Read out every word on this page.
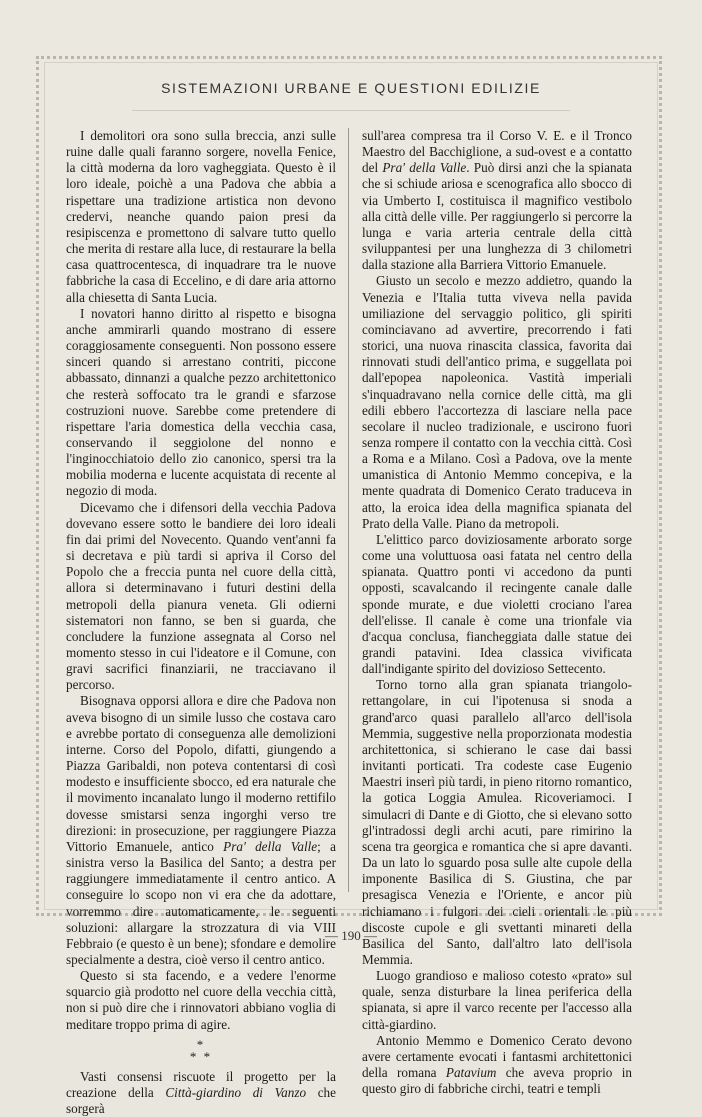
SISTEMAZIONI URBANE E QUESTIONI EDILIZIE

I demolitori ora sono sulla breccia, anzi sulle ruine dalle quali faranno sorgere, novella Fenice, la città moderna da loro vagheggiata. Questo è il loro ideale, poichè a una Padova che abbia a rispettare una tradizione artistica non devono credervi, neanche quando paion presi da resipiscenza e promettono di salvare tutto quello che merita di restare alla luce, di restaurare la bella casa quattrocentesca, di inquadrare tra le nuove fabbriche la casa di Eccelino, e di dare aria attorno alla chiesetta di Santa Lucia.

I novatori hanno diritto al rispetto e bisogna anche ammirarli quando mostrano di essere coraggiosamente conseguenti. Non possono essere sinceri quando si arrestano contriti, piccone abbassato, dinnanzi a qualche pezzo architettonico che resterà soffocato tra le grandi e sfarzose costruzioni nuove. Sarebbe come pretendere di rispettare l'aria domestica della vecchia casa, conservando il seggiolone del nonno e l'inginocchiatoio dello zio canonico, spersi tra la mobilia moderna e lucente acquistata di recente al negozio di moda.

Dicevamo che i difensori della vecchia Padova dovevano essere sotto le bandiere dei loro ideali fin dai primi del Novecento. Quando vent'anni fa si decretava e più tardi si apriva il Corso del Popolo che a freccia punta nel cuore della città, allora si determinavano i futuri destini della metropoli della pianura veneta. Gli odierni sistematori non fanno, se ben si guarda, che concludere la funzione assegnata al Corso nel momento stesso in cui l'ideatore e il Comune, con gravi sacrifici finanziarii, ne tracciavano il percorso.

Bisognava opporsi allora e dire che Padova non aveva bisogno di un simile lusso che costava caro e avrebbe portato di conseguenza alle demolizioni interne. Corso del Popolo, difatti, giungendo a Piazza Garibaldi, non poteva contentarsi di così modesto e insufficiente sbocco, ed era naturale che il movimento incanalato lungo il moderno rettifilo dovesse smistarsi senza ingorghi verso tre direzioni: in prosecuzione, per raggiungere Piazza Vittorio Emanuele, antico Pra' della Valle; a sinistra verso la Basilica del Santo; a destra per raggiungere immediatamente il centro antico. A conseguire lo scopo non vi era che da adottare, vorremmo dire automaticamente, le seguenti soluzioni: allargare la strozzatura di via VIII Febbraio (e questo è un bene); sfondare e demolire specialmente a destra, cioè verso il centro antico.

Questo si sta facendo, e a vedere l'enorme squarcio già prodotto nel cuore della vecchia città, non si può dire che i rinnovatori abbiano voglia di meditare troppo prima di agire.

*
* *

Vasti consensi riscuote il progetto per la creazione della Città-giardino di Vanzo che sorgerà

sull'area compresa tra il Corso V. E. e il Tronco Maestro del Bacchiglione, a sud-ovest e a contatto del Pra' della Valle. Può dirsi anzi che la spianata che si schiude ariosa e scenografica allo sbocco di via Umberto I, costituisca il magnifico vestibolo alla città delle ville. Per raggiungerlo si percorre la lunga e varia arteria centrale della città sviluppantesi per una lunghezza di 3 chilometri dalla stazione alla Barriera Vittorio Emanuele.

Giusto un secolo e mezzo addietro, quando la Venezia e l'Italia tutta viveva nella pavida umiliazione del servaggio politico, gli spiriti cominciavano ad avvertire, precorrendo i fati storici, una nuova rinascita classica, favorita dai rinnovati studi dell'antico prima, e suggellata poi dall'epopea napoleonica. Vastità imperiali s'inquadravano nella cornice delle città, ma gli edili ebbero l'accortezza di lasciare nella pace secolare il nucleo tradizionale, e uscirono fuori senza rompere il contatto con la vecchia città. Così a Roma e a Milano. Così a Padova, ove la mente umanistica di Antonio Memmo concepiva, e la mente quadrata di Domenico Cerato traduceva in atto, la eroica idea della magnifica spianata del Prato della Valle. Piano da metropoli.

L'elittico parco doviziosamente arborato sorge come una voluttuosa oasi fatata nel centro della spianata. Quattro ponti vi accedono da punti opposti, scavalcando il recingente canale dalle sponde murate, e due violetti crociano l'area dell'elisse. Il canale è come una trionfale via d'acqua conclusa, fiancheggiata dalle statue dei grandi patavini. Idea classica vivificata dall'indigante spirito del dovizioso Settecento.

Torno torno alla gran spianata triangolo-rettangolare, in cui l'ipotenusa si snoda a grand'arco quasi parallelo all'arco dell'isola Memmia, suggestive nella proporzionata modestia architettonica, si schierano le case dai bassi invitanti porticati. Tra codeste case Eugenio Maestri inserì più tardi, in pieno ritorno romantico, la gotica Loggia Amulea. Ricoveriamoci. I simulacri di Dante e di Giotto, che si elevano sotto gl'intradossi degli archi acuti, pare rimirino la scena tra georgica e romantica che si apre davanti. Da un lato lo sguardo posa sulle alte cupole della imponente Basilica di S. Giustina, che par presagisca Venezia e l'Oriente, e ancor più richiamano i fulgori dei cieli orientali le più discoste cupole e gli svettanti minareti della Basilica del Santo, dall'altro lato dell'isola Memmia.

Luogo grandioso e malioso cotesto «prato» sul quale, senza disturbare la linea periferica della spianata, si apre il varco recente per l'accesso alla città-giardino.

Antonio Memmo e Domenico Cerato devono avere certamente evocati i fantasmi architettonici della romana Patavium che aveva proprio in questo giro di fabbriche circhi, teatri e templi

— 190 —
